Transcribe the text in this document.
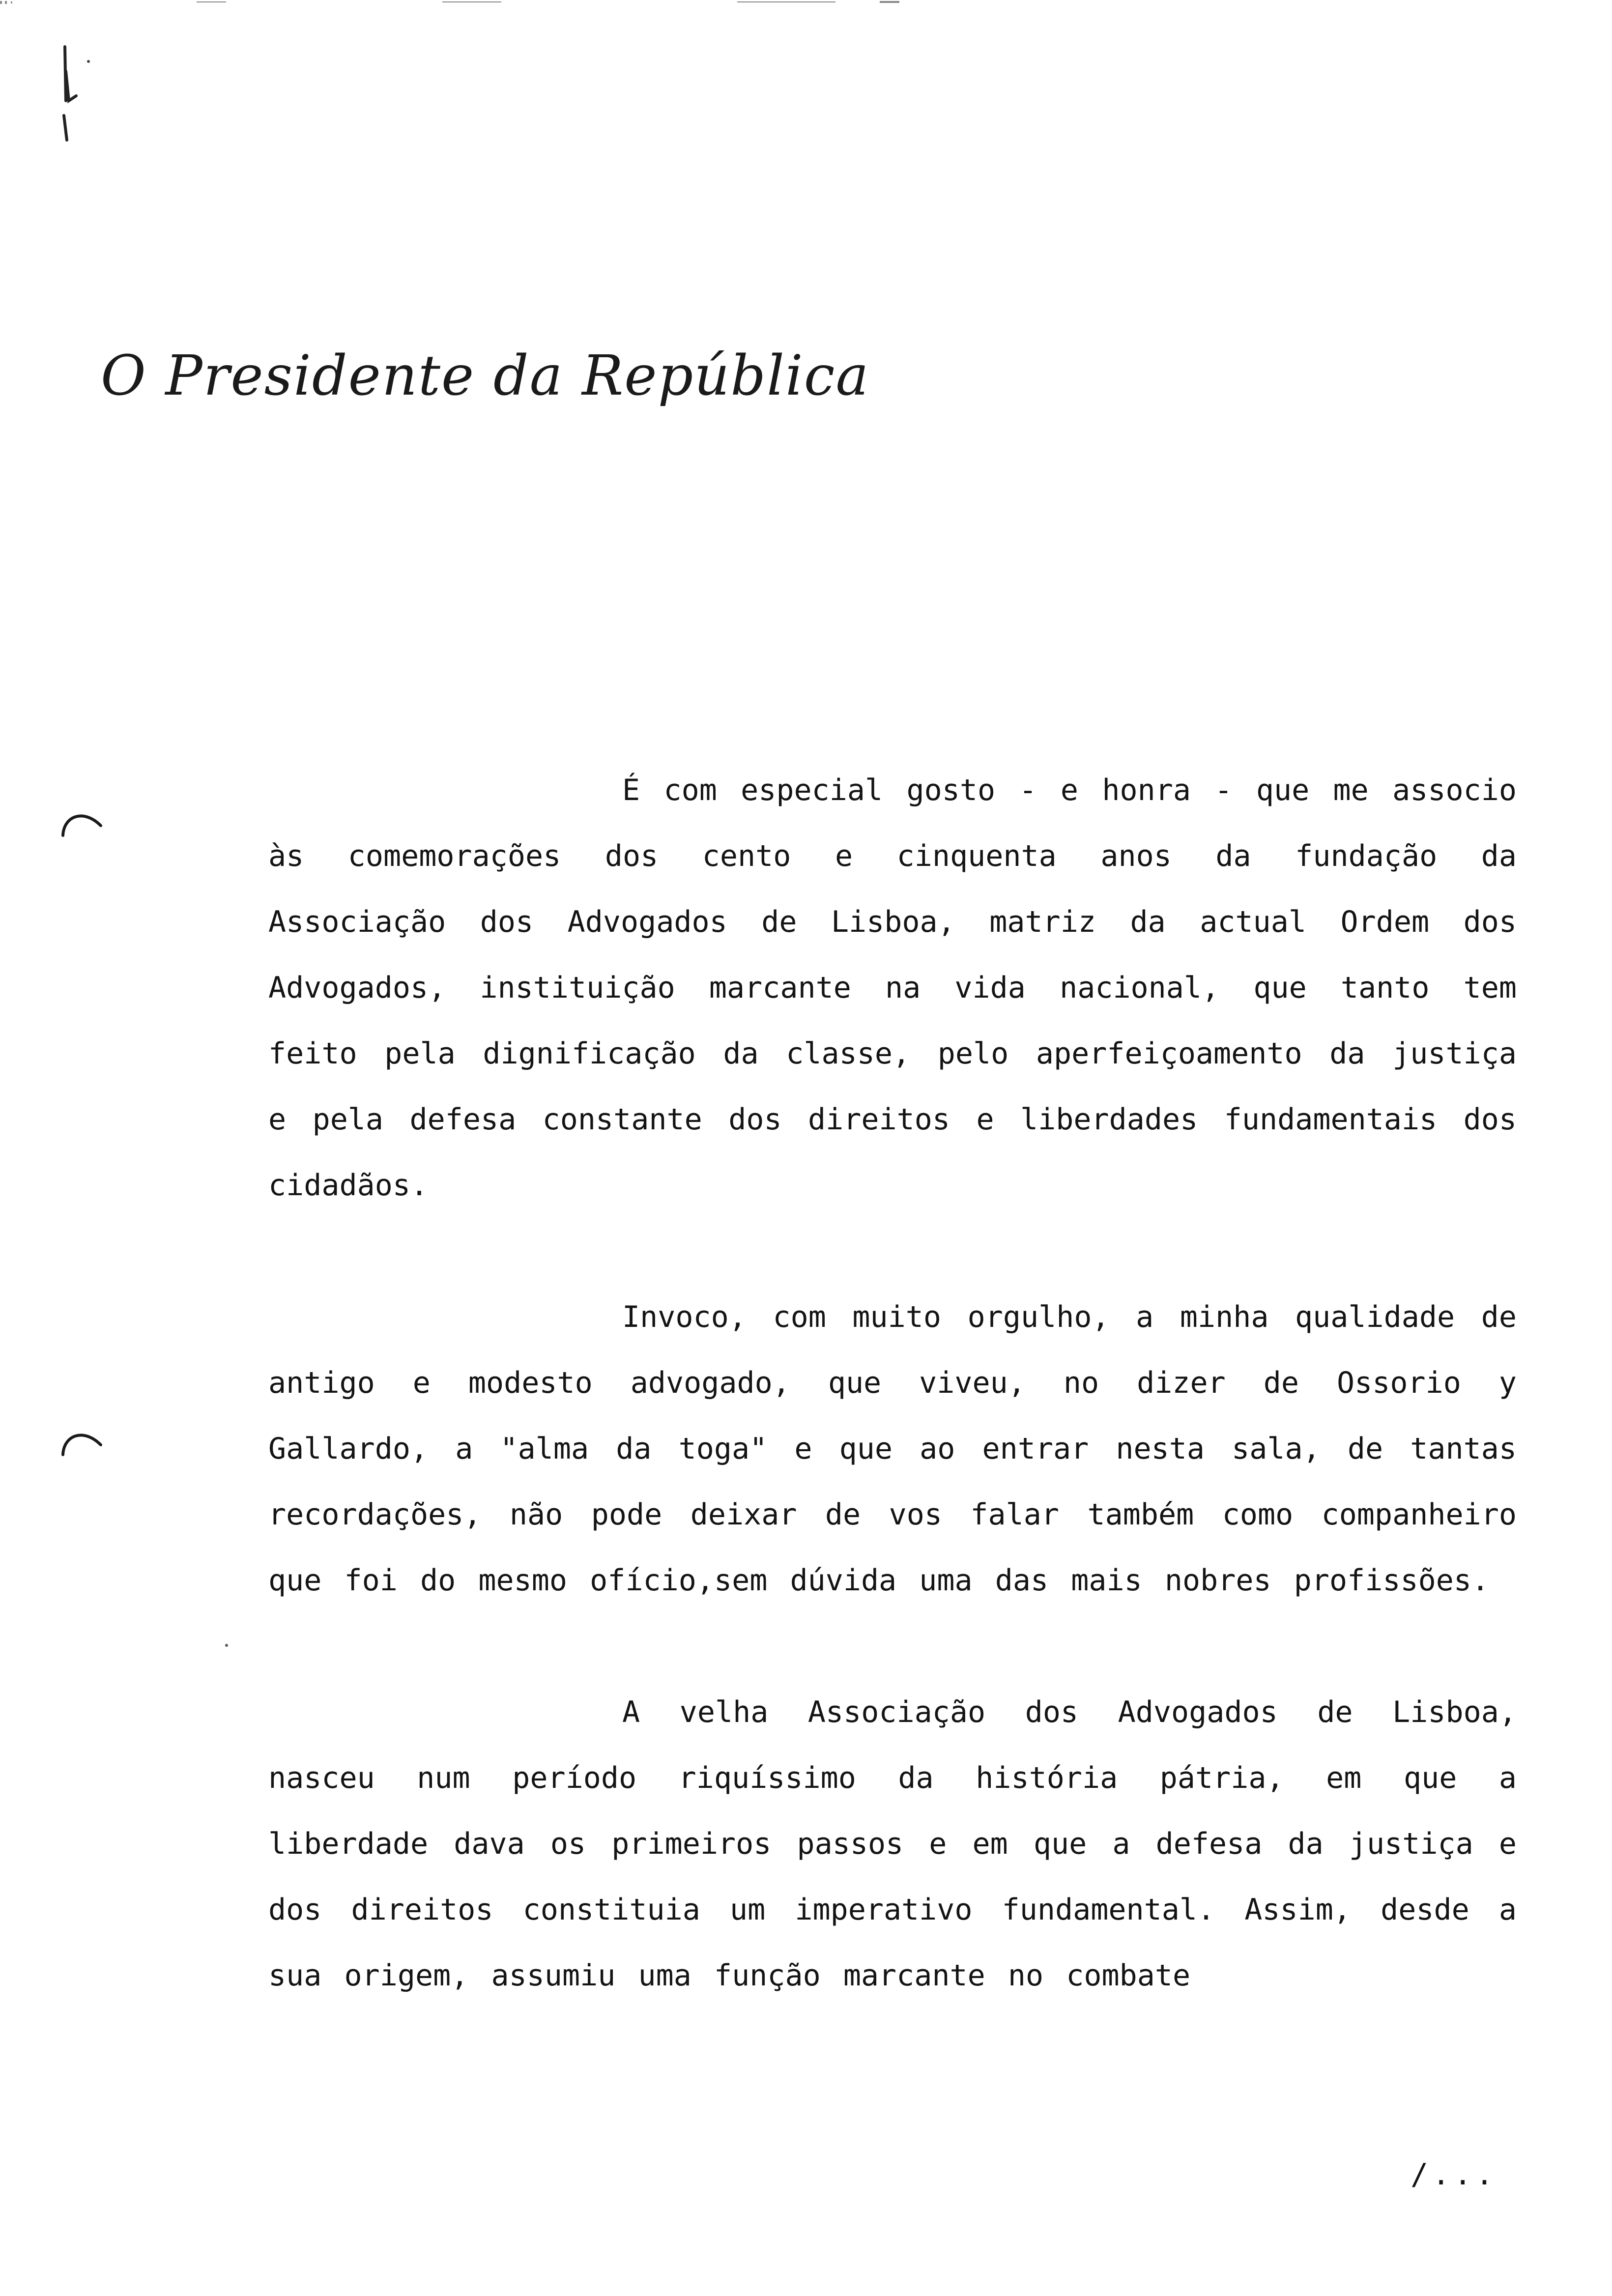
O Presidente da República

É com especial gosto - e honra - que me associo às comemorações dos cento e cinquenta anos da fundação da Associação dos Advogados de Lisboa, matriz da actual Ordem dos Advogados, instituição marcante na vida nacional, que tanto tem feito pela dignificação da classe, pelo aperfeiçoamento da justiça e pela defesa constante dos direitos e liberdades fundamentais dos cidadãos.

Invoco, com muito orgulho, a minha qualidade de antigo e modesto advogado, que viveu, no dizer de Ossorio y Gallardo, a "alma da toga" e que ao entrar nesta sala, de tantas recordações, não pode deixar de vos falar também como companheiro que foi do mesmo ofício,sem dúvida uma das mais nobres profissões.

A velha Associação dos Advogados de Lisboa, nasceu num período riquíssimo da história pátria, em que a liberdade dava os primeiros passos e em que a defesa da justiça e dos direitos constituia um imperativo fundamental. Assim, desde a sua origem, assumiu uma função marcante no combate

/...
